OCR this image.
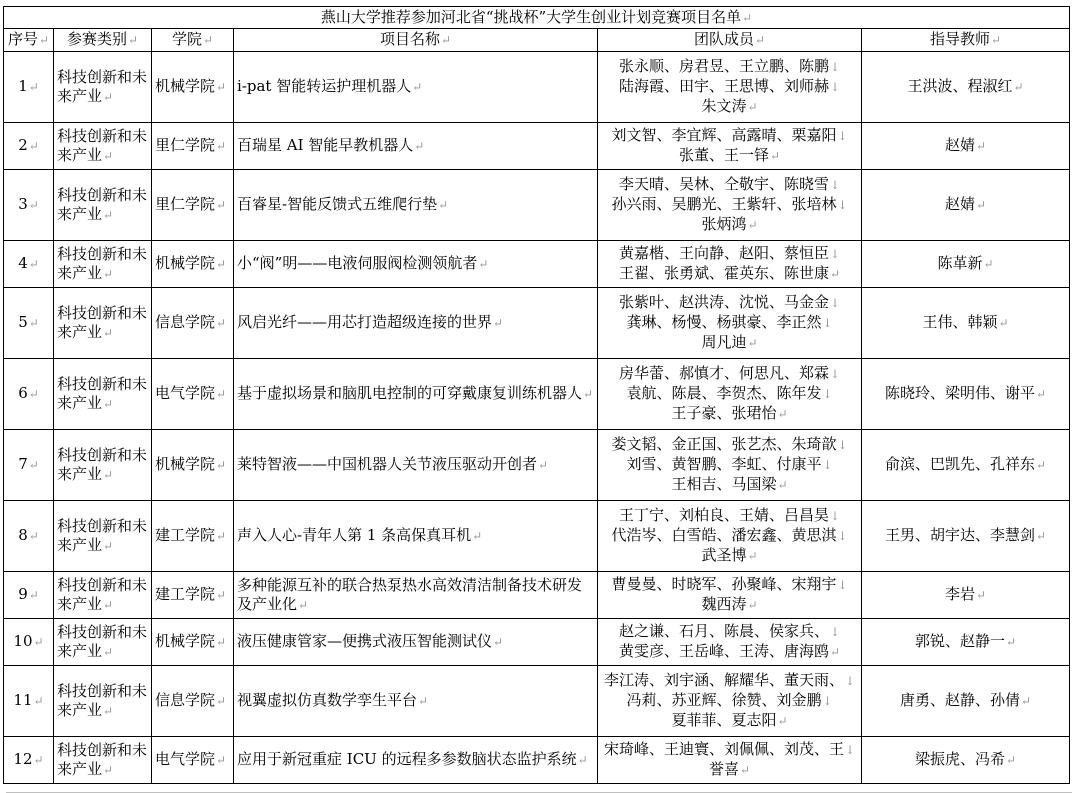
燕山大学推荐参加河北省“挑战杯”大学生创业计划竞赛项目名单↵					
序号↵	参赛类别↵	学院↵	项目名称↵	团队成员↵	指导教师↵
1↵	科技创新和未来产业↵	机械学院↵	i-pat 智能转运护理机器人↵	张永顺、房君昱、王立鹏、陈鹏↓
陆海霞、田宇、王思博、刘师赫↓
朱文涛↵	王洪波、程淑红↵
2↵	科技创新和未来产业↵	里仁学院↵	百瑞星 AI 智能早教机器人↵	刘文智、李宜辉、高露晴、栗嘉阳↓
张董、王一铎↵	赵婧↵
3↵	科技创新和未来产业↵	里仁学院↵	百睿星-智能反馈式五维爬行垫↵	李天晴、吴林、仝敬宇、陈晓雪↓
孙兴雨、吴鹏光、王紫轩、张培林↓
张炳鸿↵	赵婧↵
4↵	科技创新和未来产业↵	机械学院↵	小“阀”明——电液伺服阀检测领航者↵	黄嘉楷、王向静、赵阳、蔡恒臣↓
王翟、张勇斌、霍英东、陈世康↵	陈革新↵
5↵	科技创新和未来产业↵	信息学院↵	风启光纤——用芯打造超级连接的世界↵	张紫叶、赵洪涛、沈悦、马金金↓
龚琳、杨慢、杨骐豪、李正然↓
周凡迪↵	王伟、韩颖↵
6↵	科技创新和未来产业↵	电气学院↵	基于虚拟场景和脑肌电控制的可穿戴康复训练机器人↵	房华蕾、郝慎才、何思凡、郑霖↓
袁航、陈晨、李贺杰、陈年发↓
王子豪、张珺怡↵	陈晓玲、梁明伟、谢平↵
7↵	科技创新和未来产业↵	机械学院↵	莱特智液——中国机器人关节液压驱动开创者↵	娄文韬、金正国、张艺杰、朱琦歆↓
刘雪、黄智鹏、李虹、付康平↓
王相吉、马国梁↵	俞滨、巴凯先、孔祥东↵
8↵	科技创新和未来产业↵	建工学院↵	声入人心-青年人第 1 条高保真耳机↵	王丁宁、刘柏良、王婧、吕昌昊↓
代浩岑、白雪皓、潘宏鑫、黄思淇↓
武圣博↵	王男、胡宇达、李慧剑↵
9↵	科技创新和未来产业↵	建工学院↵	多种能源互补的联合热泵热水高效清洁制备技术研发及产业化↵	曹曼曼、时晓军、孙聚峰、宋翔宇↓
魏西涛↵	李岩↵
10↵	科技创新和未来产业↵	机械学院↵	液压健康管家—便携式液压智能测试仪↵	赵之谦、石月、陈晨、侯家兵、↓
黄雯彦、王岳峰、王涛、唐海鸥↵	郭锐、赵静一↵
11↵	科技创新和未来产业↵	信息学院↵	视翼虚拟仿真数学孪生平台↵	李江涛、刘宇涵、解耀华、董天雨、↓
冯莉、苏亚辉、徐赞、刘金鹏↓
夏菲菲、夏志阳↵	唐勇、赵静、孙倩↵
12↵	科技创新和未来产业↵	电气学院↵	应用于新冠重症 ICU 的远程多参数脑状态监护系统↵	宋琦峰、王迪寰、刘佩佩、刘茂、王↓
誉喜↵	梁振虎、冯希↵
